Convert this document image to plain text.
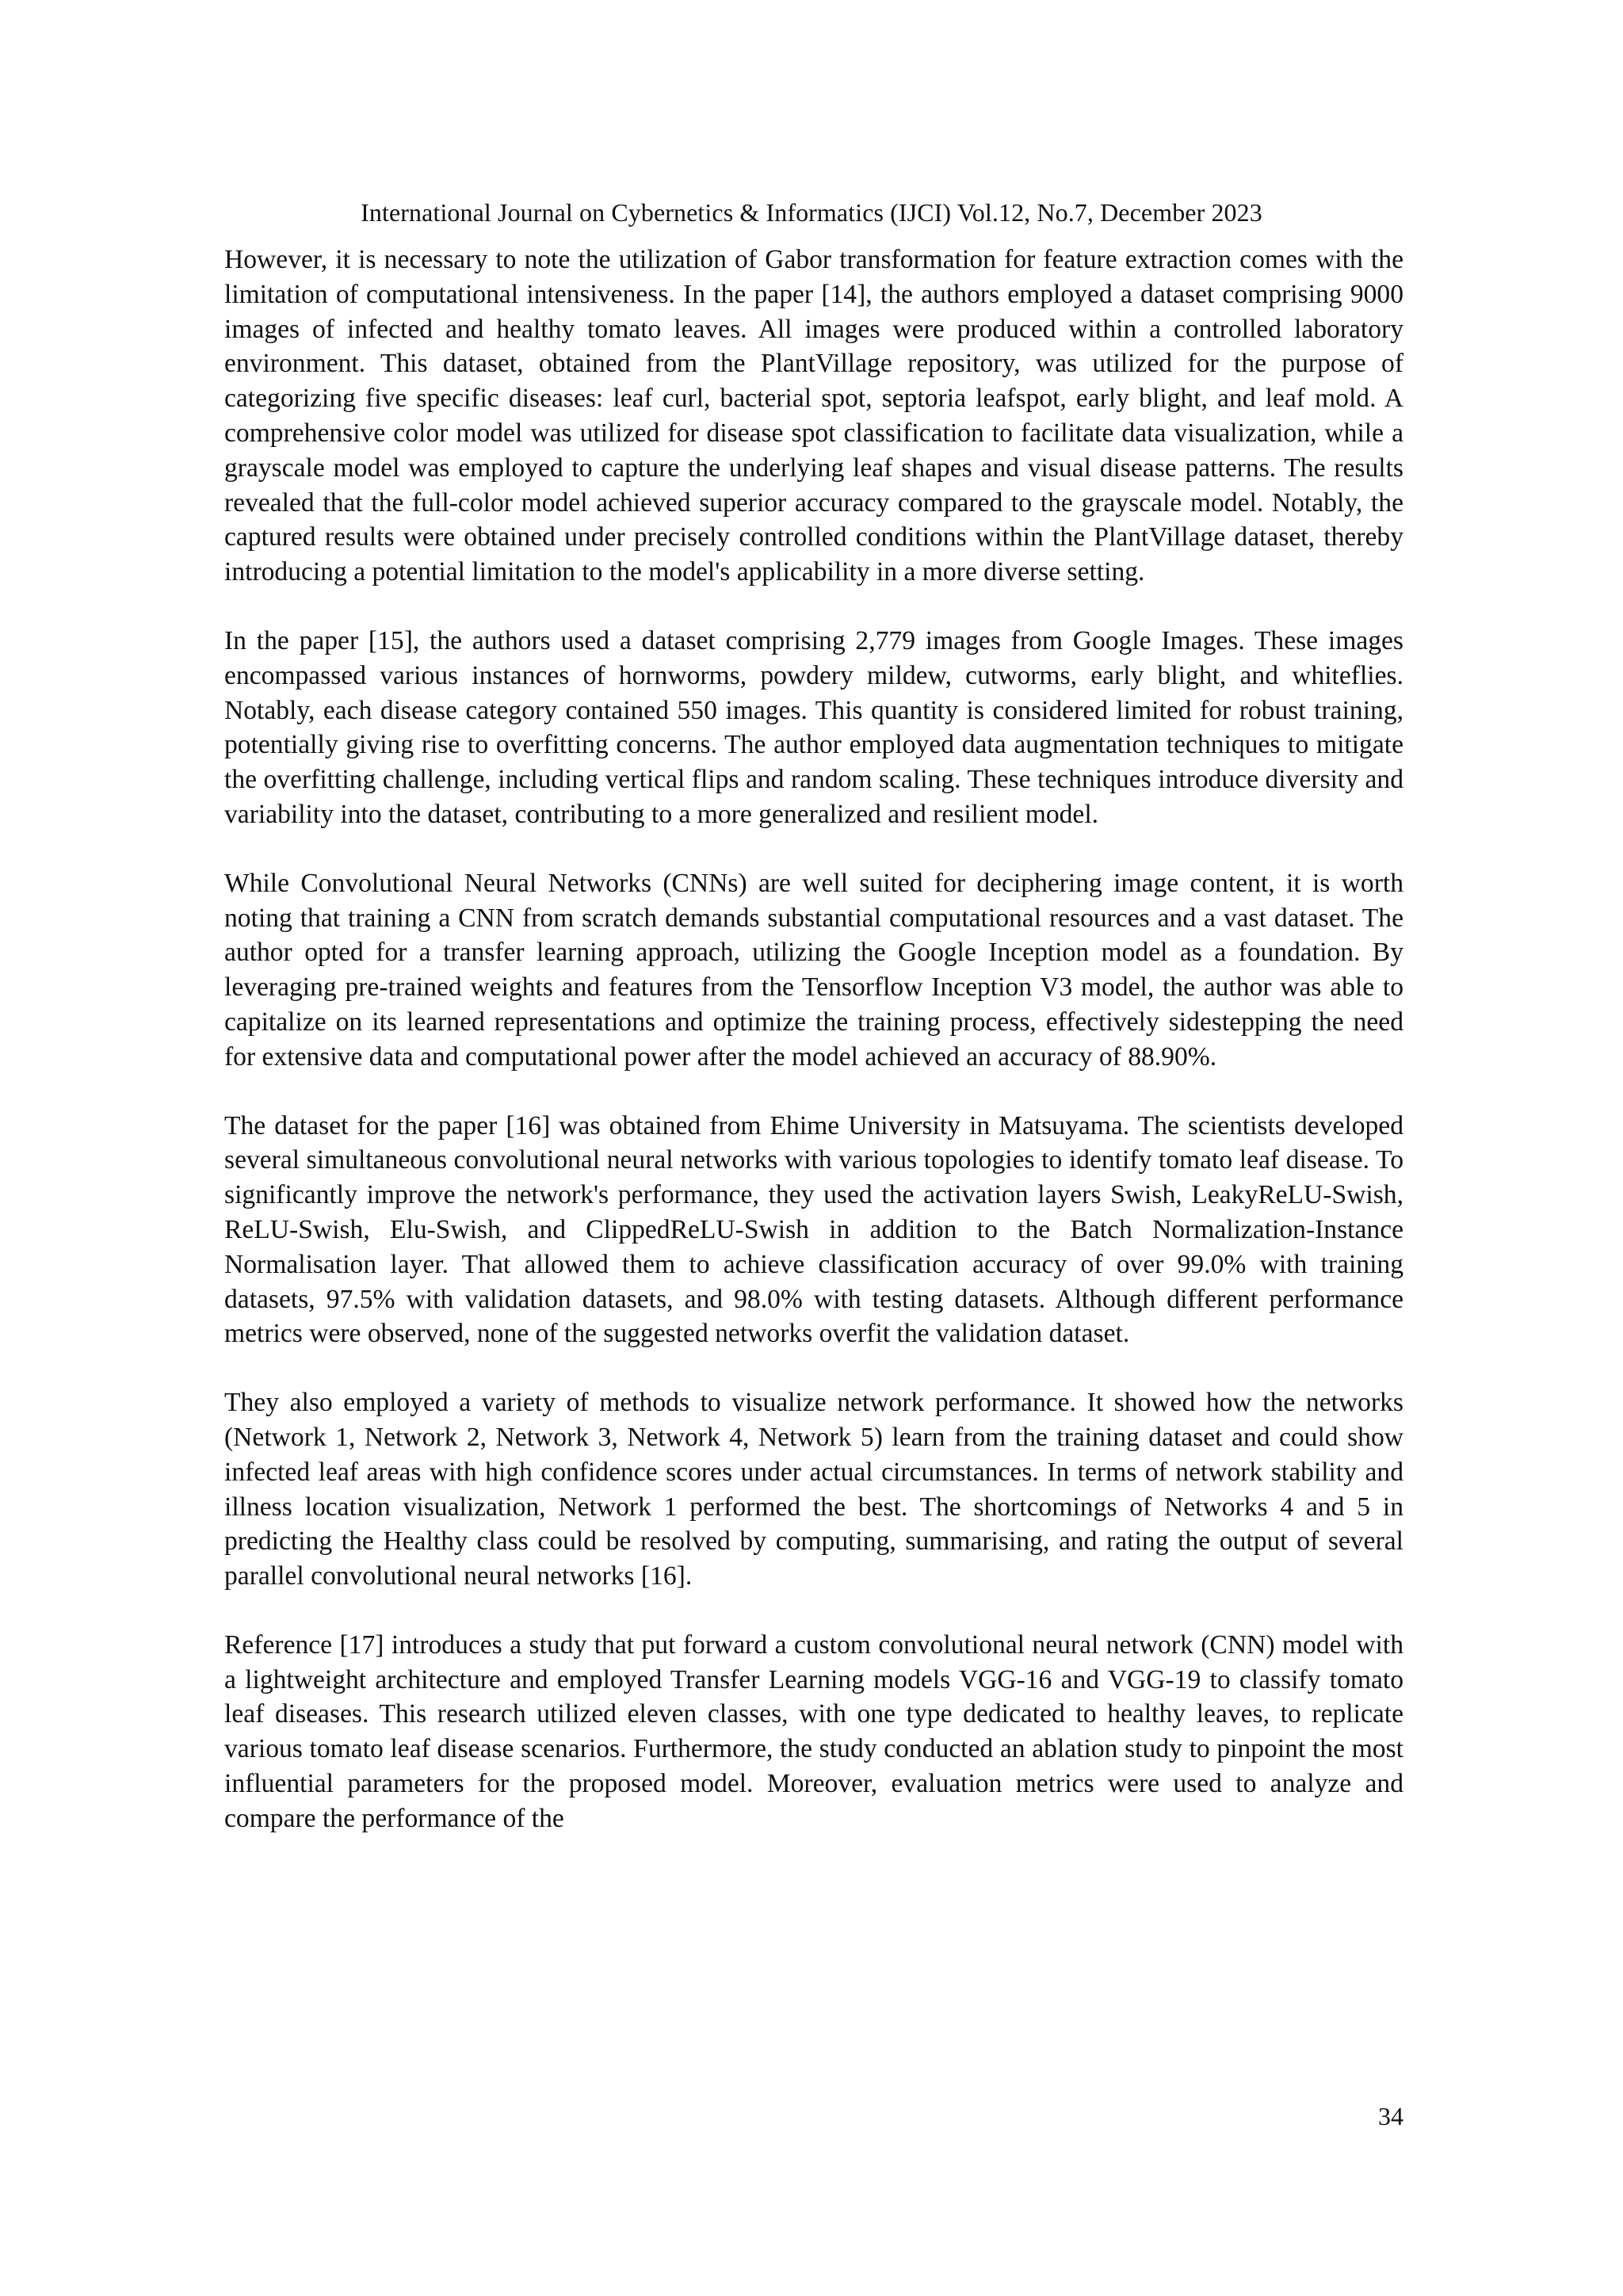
International Journal on Cybernetics & Informatics (IJCI) Vol.12, No.7, December 2023

However, it is necessary to note the utilization of Gabor transformation for feature extraction comes with the limitation of computational intensiveness. In the paper [14], the authors employed a dataset comprising 9000 images of infected and healthy tomato leaves. All images were produced within a controlled laboratory environment. This dataset, obtained from the PlantVillage repository, was utilized for the purpose of categorizing five specific diseases: leaf curl, bacterial spot, septoria leafspot, early blight, and leaf mold. A comprehensive color model was utilized for disease spot classification to facilitate data visualization, while a grayscale model was employed to capture the underlying leaf shapes and visual disease patterns. The results revealed that the full-color model achieved superior accuracy compared to the grayscale model. Notably, the captured results were obtained under precisely controlled conditions within the PlantVillage dataset, thereby introducing a potential limitation to the model's applicability in a more diverse setting.

In the paper [15], the authors used a dataset comprising 2,779 images from Google Images. These images encompassed various instances of hornworms, powdery mildew, cutworms, early blight, and whiteflies. Notably, each disease category contained 550 images. This quantity is considered limited for robust training, potentially giving rise to overfitting concerns. The author employed data augmentation techniques to mitigate the overfitting challenge, including vertical flips and random scaling. These techniques introduce diversity and variability into the dataset, contributing to a more generalized and resilient model.

While Convolutional Neural Networks (CNNs) are well suited for deciphering image content, it is worth noting that training a CNN from scratch demands substantial computational resources and a vast dataset. The author opted for a transfer learning approach, utilizing the Google Inception model as a foundation. By leveraging pre-trained weights and features from the Tensorflow Inception V3 model, the author was able to capitalize on its learned representations and optimize the training process, effectively sidestepping the need for extensive data and computational power after the model achieved an accuracy of 88.90%.

The dataset for the paper [16] was obtained from Ehime University in Matsuyama. The scientists developed several simultaneous convolutional neural networks with various topologies to identify tomato leaf disease. To significantly improve the network's performance, they used the activation layers Swish, LeakyReLU-Swish, ReLU-Swish, Elu-Swish, and ClippedReLU-Swish in addition to the Batch Normalization-Instance Normalisation layer. That allowed them to achieve classification accuracy of over 99.0% with training datasets, 97.5% with validation datasets, and 98.0% with testing datasets. Although different performance metrics were observed, none of the suggested networks overfit the validation dataset.

They also employed a variety of methods to visualize network performance. It showed how the networks (Network 1, Network 2, Network 3, Network 4, Network 5) learn from the training dataset and could show infected leaf areas with high confidence scores under actual circumstances. In terms of network stability and illness location visualization, Network 1 performed the best. The shortcomings of Networks 4 and 5 in predicting the Healthy class could be resolved by computing, summarising, and rating the output of several parallel convolutional neural networks [16].

Reference [17] introduces a study that put forward a custom convolutional neural network (CNN) model with a lightweight architecture and employed Transfer Learning models VGG-16 and VGG-19 to classify tomato leaf diseases. This research utilized eleven classes, with one type dedicated to healthy leaves, to replicate various tomato leaf disease scenarios. Furthermore, the study conducted an ablation study to pinpoint the most influential parameters for the proposed model. Moreover, evaluation metrics were used to analyze and compare the performance of the

34
